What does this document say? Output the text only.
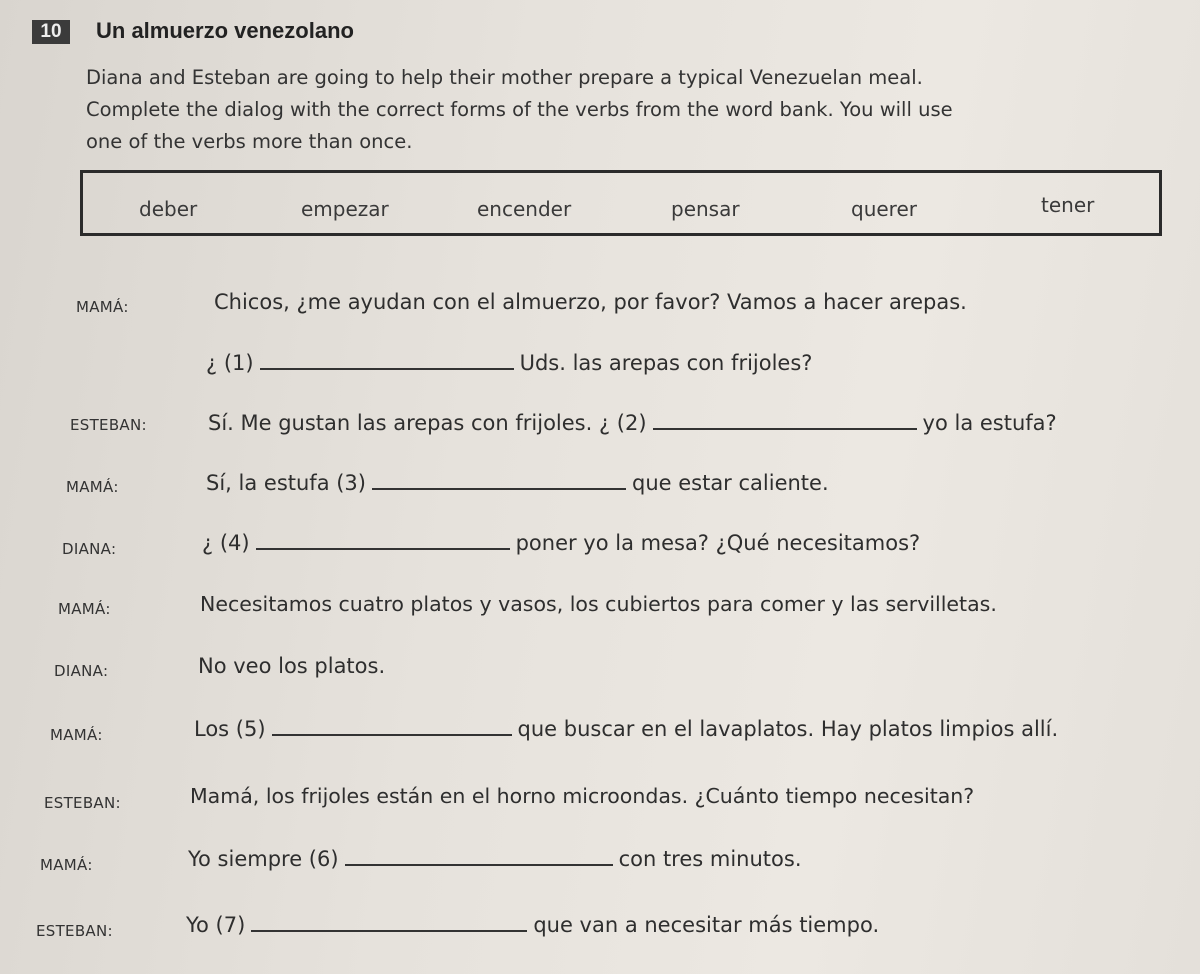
10	Un almuerzo venezolano

Diana and Esteban are going to help their mother prepare a typical Venezuelan meal.

Complete the dialog with the correct forms of the verbs from the word bank. You will use

one of the verbs more than once.

deber	empezar	encender	pensar	querer	tener
MAMÁ:	Chicos, ¿me ayudan con el almuerzo, por favor? Vamos a hacer arepas.
¿ (1)	Uds. las arepas con frijoles?
ESTEBAN:	Sí. Me gustan las arepas con frijoles. ¿ (2)	yo la estufa?
MAMÁ:	Sí, la estufa (3)	que estar caliente.
DIANA:	¿ (4)	poner yo la mesa? ¿Qué necesitamos?
MAMÁ:	Necesitamos cuatro platos y vasos, los cubiertos para comer y las servilletas.
DIANA:	No veo los platos.
MAMÁ:	Los (5)	que buscar en el lavaplatos. Hay platos limpios allí.
ESTEBAN:	Mamá, los frijoles están en el horno microondas. ¿Cuánto tiempo necesitan?
MAMÁ:	Yo siempre (6)	con tres minutos.
ESTEBAN:	Yo (7)	que van a necesitar más tiempo.
